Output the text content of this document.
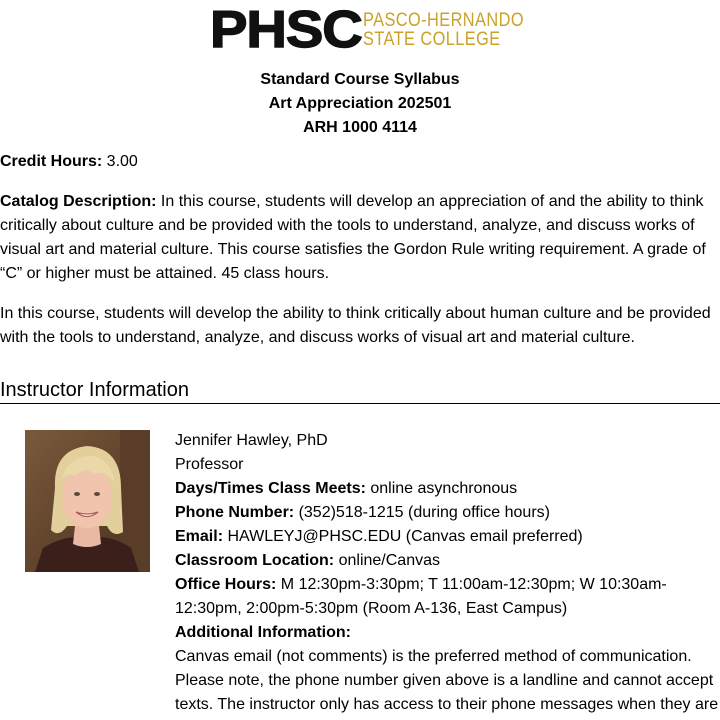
PHSC PASCO-HERNANDO
STATE COLLEGE
Standard Course Syllabus
Art Appreciation 202501
ARH 1000 4114
Credit Hours: 3.00
Catalog Description: In this course, students will develop an appreciation of and the ability to think critically about culture and be provided with the tools to understand, analyze, and discuss works of visual art and material culture. This course satisfies the Gordon Rule writing requirement. A grade of “C” or higher must be attained. 45 class hours.
In this course, students will develop the ability to think critically about human culture and be provided with the tools to understand, analyze, and discuss works of visual art and material culture.
Instructor Information
Jennifer Hawley, PhD
Professor
Days/Times Class Meets: online asynchronous
Phone Number: (352)518-1215 (during office hours)
Email: HAWLEYJ@PHSC.EDU (Canvas email preferred)
Classroom Location: online/Canvas
Office Hours: M 12:30pm-3:30pm; T 11:00am-12:30pm; W 10:30am-12:30pm, 2:00pm-5:30pm (Room A-136, East Campus)
Additional Information:
Canvas email (not comments) is the preferred method of communication. Please note, the phone number given above is a landline and cannot accept texts. The instructor only has access to their phone messages when they are
